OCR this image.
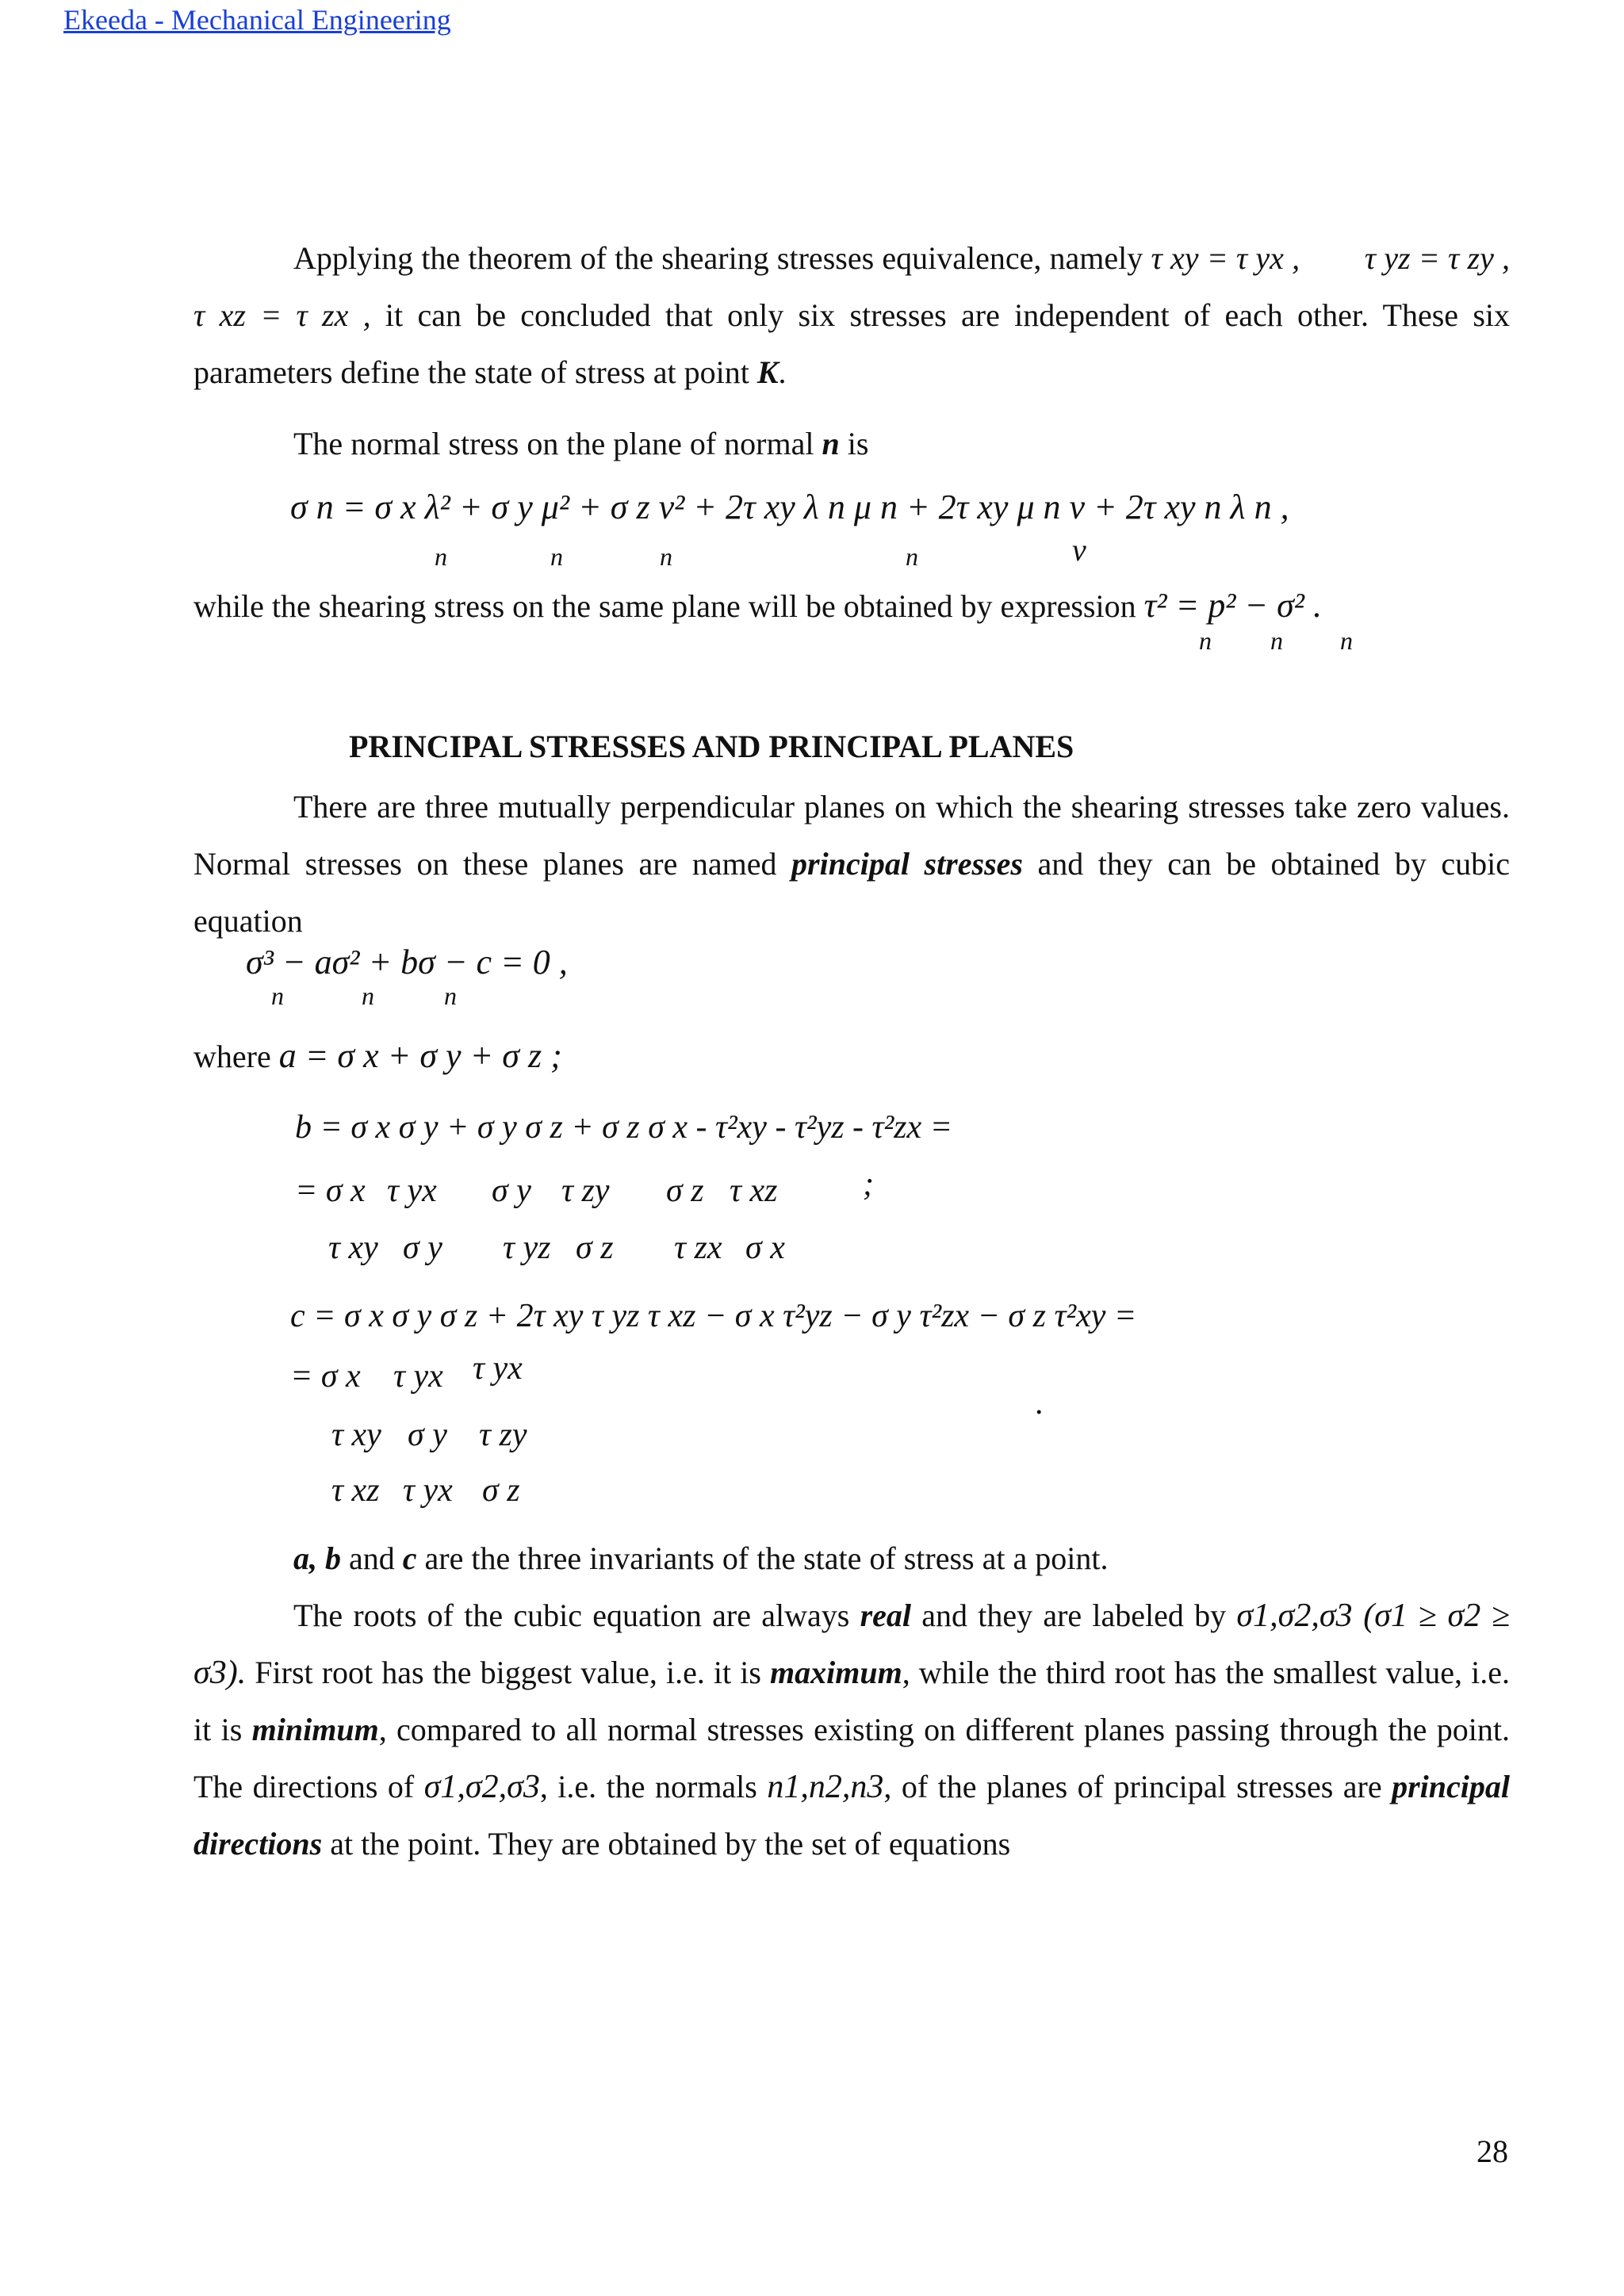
Ekeeda - Mechanical Engineering
Applying the theorem of the shearing stresses equivalence, namely τ xy = τ yx , τ yz = τ zy , τ xz = τ zx , it can be concluded that only six stresses are independent of each other. These six parameters define the state of stress at point K.
The normal stress on the plane of normal n is
σ n = σ x λ² + σ y μ² + σ z ν² + 2τ xy λ n μ n + 2τ xy μ n ν + 2τ xy n λ n ,
n	n	n	n	ν
while the shearing stress on the same plane will be obtained by expression τ² = p² − σ² .
n n n
PRINCIPAL STRESSES AND PRINCIPAL PLANES
There are three mutually perpendicular planes on which the shearing stresses take zero values. Normal stresses on these planes are named principal stresses and they can be obtained by cubic equation
σ³ − aσ² + bσ − c = 0 ,
n	n	n
where a = σ x + σ y + σ z ;
b = σ x σ y + σ y σ z + σ z σ x - τ²xy - τ²yz - τ²zx =
= σ x τ yx σ y τ zy σ z τ xz	;
τ xy σ y τ yz σ z τ zx σ x
c = σ x σ y σ z + 2τ xy τ yz τ xz − σ x τ²yz − σ y τ²zx − σ z τ²xy =
= σ x τ yx τ yx
τ xy σ y τ zy
τ xz τ yx σ z
.
a, b and c are the three invariants of the state of stress at a point.
The roots of the cubic equation are always real and they are labeled by σ1,σ2,σ3 (σ1 ≥ σ2 ≥ σ3). First root has the biggest value, i.e. it is maximum, while the third root has the smallest value, i.e. it is minimum, compared to all normal stresses existing on different planes passing through the point. The directions of σ1,σ2,σ3, i.e. the normals n1,n2,n3, of the planes of principal stresses are principal directions at the point. They are obtained by the set of equations
28
